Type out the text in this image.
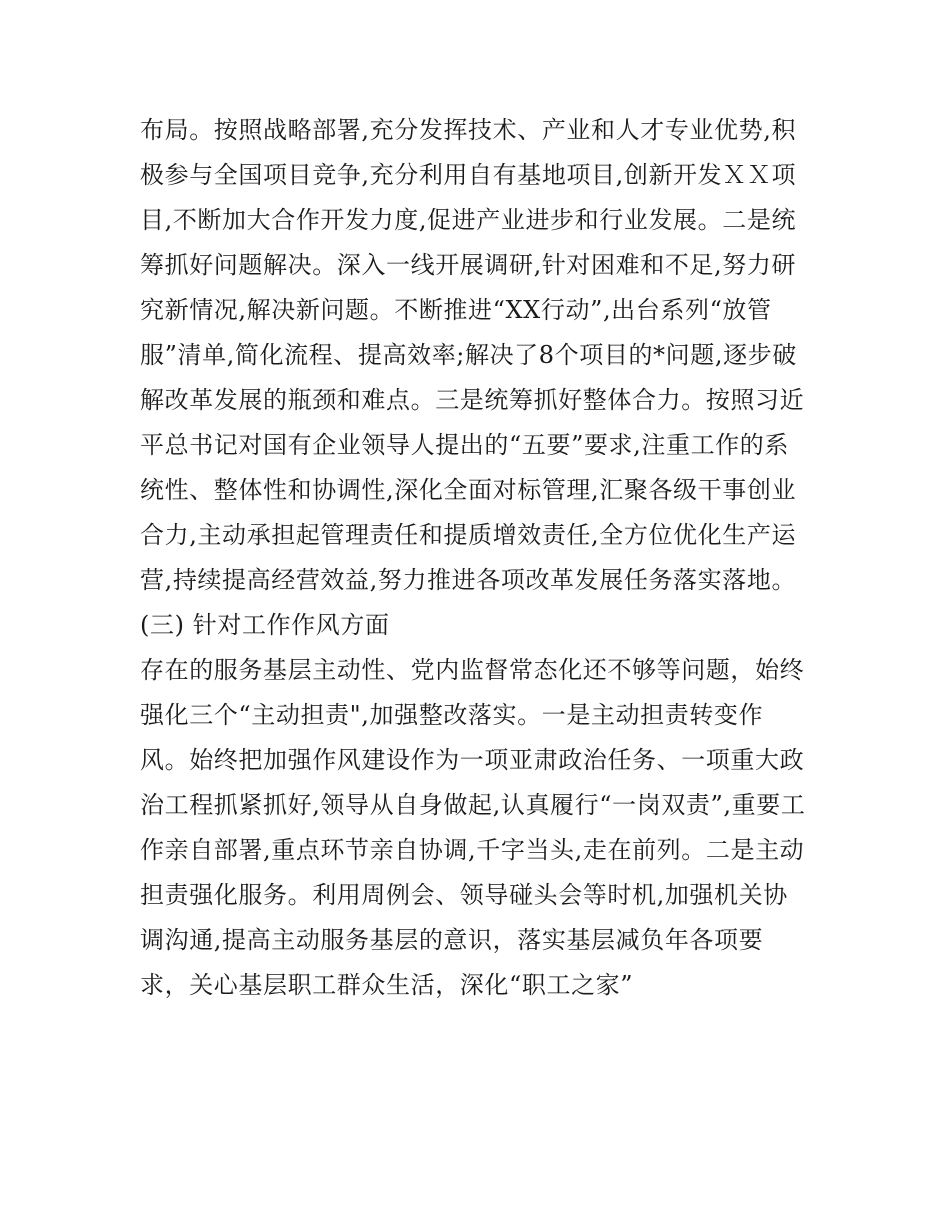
布局。按照战略部署,充分发挥技术、产业和人才专业优势,积
极参与全国项目竞争,充分利用自有基地项目,创新开发ＸＸ项
目,不断加大合作开发力度,促进产业进步和行业发展。二是统
筹抓好问题解决。深入一线开展调研,针对困难和不足,努力研
究新情况,解决新问题。不断推进“XX行动”,出台系列“放管
服”清单,简化流程、提高效率;解决了8个项目的*问题,逐步破
解改革发展的瓶颈和难点。三是统筹抓好整体合力。按照习近
平总书记对国有企业领导人提出的“五要”要求,注重工作的系
统性、整体性和协调性,深化全面对标管理,汇聚各级干事创业
合力,主动承担起管理责任和提质增效责任,全方位优化生产运
营,持续提高经营效益,努力推进各项改革发展任务落实落地。
(三) 针对工作作风方面
存在的服务基层主动性、党内监督常态化还不够等问题，始终
强化三个“主动担责",加强整改落实。一是主动担责转变作
风。始终把加强作风建设作为一项亚肃政治任务、一项重大政
治工程抓紧抓好,领导从自身做起,认真履行“一岗双责”,重要工
作亲自部署,重点环节亲自协调,千字当头,走在前列。二是主动
担责强化服务。利用周例会、领导碰头会等时机,加强机关协
调沟通,提高主动服务基层的意识，落实基层减负年各项要
求，关心基层职工群众生活，深化“职工之家”
